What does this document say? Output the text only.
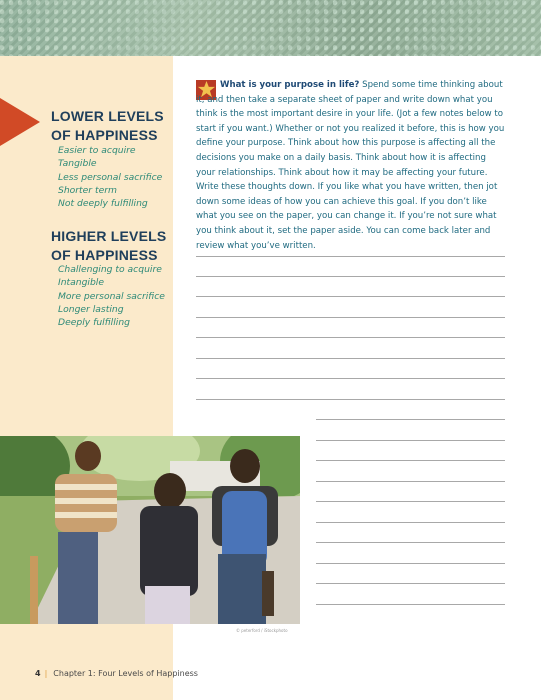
LOWER LEVELS OF HAPPINESS
Easier to acquire
Tangible
Less personal sacrifice
Shorter term
Not deeply fulfilling
HIGHER LEVELS OF HAPPINESS
Challenging to acquire
Intangible
More personal sacrifice
Longer lasting
Deeply fulfilling

What is your purpose in life? Spend some time thinking about it, and then take a separate sheet of paper and write down what you think is the most important desire in your life. (Jot a few notes below to start if you want.) Whether or not you realized it before, this is how you define your purpose. Think about how this purpose is affecting all the decisions you make on a daily basis. Think about how it is affecting your relationships. Think about how it may be affecting your future. Write these thoughts down. If you like what you have written, then jot down some ideas of how you can achieve this goal. If you don’t like what you see on the paper, you can change it. If you’re not sure what you think about it, set the paper aside. You can come back later and review what you’ve written.

© peterford / iStockphoto
4 | Chapter 1: Four Levels of Happiness
